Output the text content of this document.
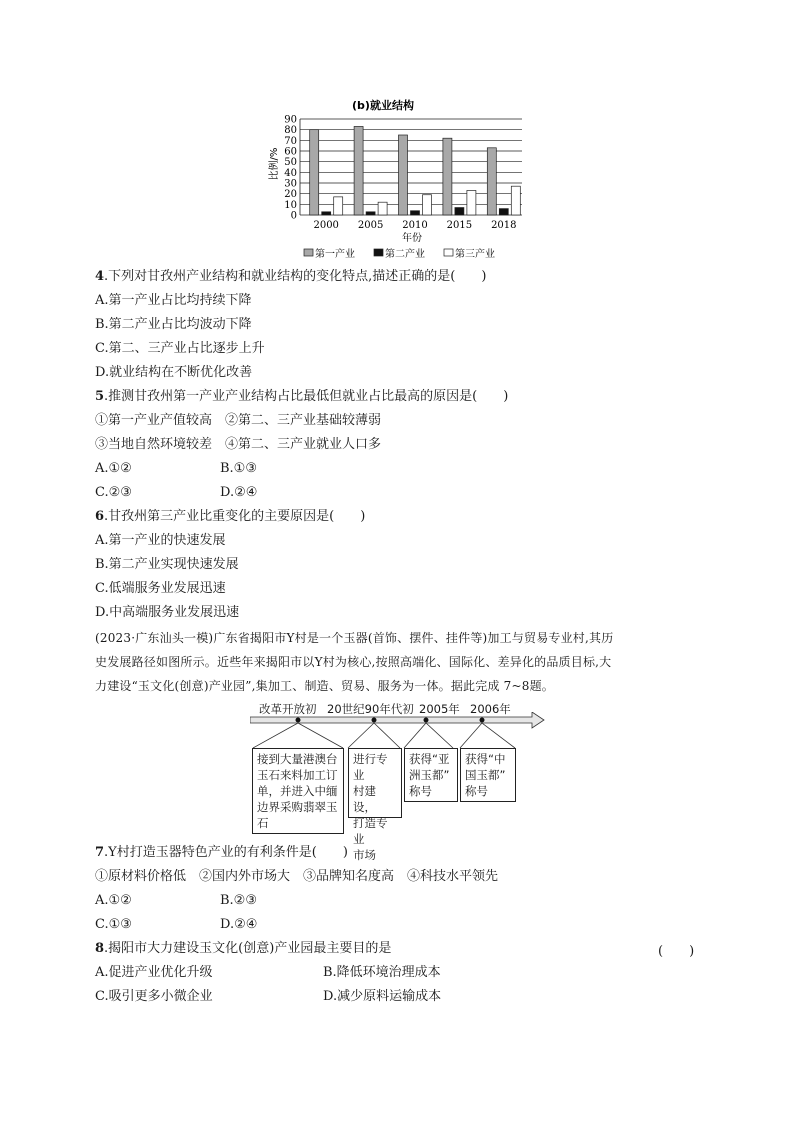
(b)就业结构
0
10
20
30
40
50
60
70
80
90
比例/%
2000 2005 2010 2015 2018
年份
第一产业	第二产业	第三产业
4.下列对甘孜州产业结构和就业结构的变化特点,描述正确的是(　　)
A.第一产业占比均持续下降
B.第二产业占比均波动下降
C.第二、三产业占比逐步上升
D.就业结构在不断优化改善
5.推测甘孜州第一产业产业结构占比最低但就业占比最高的原因是(　　)
①第一产业产值较高　②第二、三产业基础较薄弱
③当地自然环境较差　④第二、三产业就业人口多
A.①②	B.①③
C.②③	D.②④
6.甘孜州第三产业比重变化的主要原因是(　　)
A.第一产业的快速发展
B.第二产业实现快速发展
C.低端服务业发展迅速
D.中高端服务业发展迅速
(2023·广东汕头一模)广东省揭阳市Y村是一个玉器(首饰、摆件、挂件等)加工与贸易专业村,其历
史发展路径如图所示。近些年来揭阳市以Y村为核心,按照高端化、国际化、差异化的品质目标,大
力建设“玉文化(创意)产业园”,集加工、制造、贸易、服务为一体。据此完成 7~8题。
改革开放初 20世纪90年代初 2005年 2006年
接到大量港澳台
玉石来料加工订
单，并进入中缅
边界采购翡翠玉
石
进行专业
村建设，
打造专业
市场
获得“亚
洲玉都”
称号
获得“中
国玉都”
称号
7.Y村打造玉器特色产业的有利条件是(　　)
①原材料价格低　②国内外市场大　③品牌知名度高　④科技水平领先
A.①②	B.②③
C.①③	D.②④
8.揭阳市大力建设玉文化(创意)产业园最主要目的是	(　　)
A.促进产业优化升级	B.降低环境治理成本
C.吸引更多小微企业	D.减少原料运输成本
